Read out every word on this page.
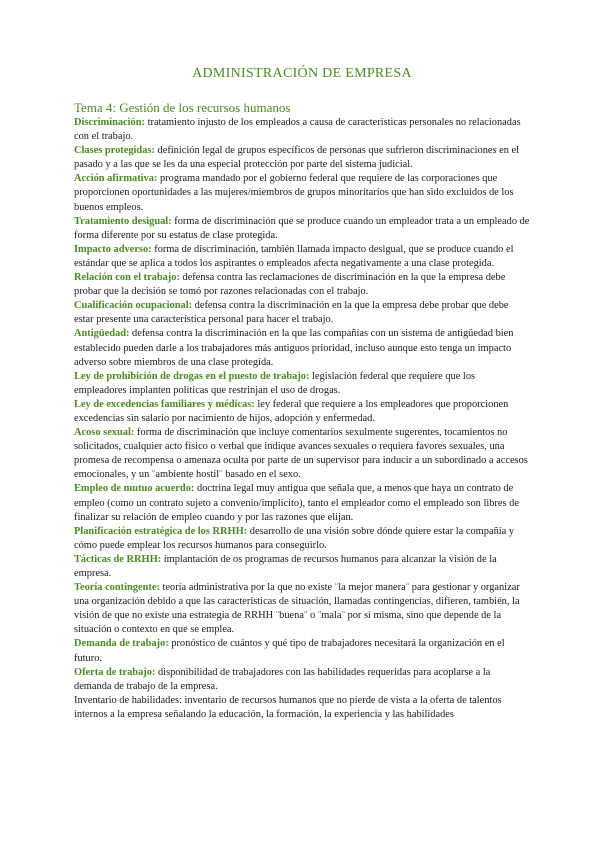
ADMINISTRACIÓN DE EMPRESA
Tema 4: Gestión de los recursos humanos
Discriminación: tratamiento injusto de los empleados a causa de características personales no relacionadas con el trabajo.
Clases protegidas: definición legal de grupos específicos de personas que sufrieron discriminaciones en el pasado y a las que se les da una especial protección por parte del sistema judicial.
Acción afirmativa: programa mandado por el gobierno federal que requiere de las corporaciones que proporcionen oportunidades a las mujeres/miembros de grupos minoritarios que han sido excluidos de los buenos empleos.
Tratamiento desigual: forma de discriminación que se produce cuando un empleador trata a un empleado de forma diferente por su estatus de clase protegida.
Impacto adverso: forma de discriminación, también llamada impacto desigual, que se produce cuando el estándar que se aplica a todos los aspirantes o empleados afecta negativamente a una clase protegida.
Relación con el trabajo: defensa contra las reclamaciones de discriminación en la que la empresa debe probar que la decisión se tomó por razones relacionadas con el trabajo.
Cualificación ocupacional: defensa contra la discriminación en la que la empresa debe probar que debe estar presente una característica personal para hacer el trabajo.
Antigüedad: defensa contra la discriminación en la que las compañías con un sistema de antigüedad bien establecido pueden darle a los trabajadores más antiguos prioridad, incluso aunque esto tenga un impacto adverso sobre miembros de una clase protegida.
Ley de prohibición de drogas en el puesto de trabajo: legislación federal que requiere que los empleadores implanten políticas que restrinjan el uso de drogas.
Ley de excedencias familiares y médicas: ley federal que requiere a los empleadores que proporcionen excedencias sin salario por nacimiento de hijos, adopción y enfermedad.
Acoso sexual: forma de discriminación que incluye comentarios sexulmente sugerentes, tocamientos no solicitados, cualquier acto físico o verbal que indique avances sexuales o requiera favores sexuales, una promesa de recompensa o amenaza oculta por parte de un supervisor para inducir a un subordinado a accesos emocionales, y un ¨ambiente hostil¨ basado en el sexo.
Empleo de mutuo acuerdo: doctrina legal muy antigua que señala que, a menos que haya un contrato de empleo (como un contrato sujeto a convenio/implícito), tanto el empleador como el empleado son libres de finalizar su relación de empleo cuando y por las razones que elijan.
Planificación estratégica de los RRHH: desarrollo de una visión sobre dónde quiere estar la compañía y cómo puede emplear los recursos humanos para conseguirlo.
Tácticas de RRHH: implantación de os programas de recursos humanos para alcanzar la visión de la empresa.
Teoría contingente: teoría administrativa por la que no existe ¨la mejor manera¨ para gestionar y organizar una organización debido a que las características de situación, llamadas contingencias, difieren, también, la visión de que no existe una estrategia de RRHH ¨buena¨ o ¨mala¨ por sí misma, sino que depende de la situación o contexto en que se emplea.
Demanda de trabajo: pronóstico de cuántos y qué tipo de trabajadores necesitará la organización en el futuro.
Oferta de trabajo: disponibilidad de trabajadores con las habilidades requeridas para acoplarse a la demanda de trabajo de la empresa.
Inventario de habilidades: inventario de recursos humanos que no pierde de vista a la oferta de talentos internos a la empresa señalando la educación, la formación, la experiencia y las habilidades
